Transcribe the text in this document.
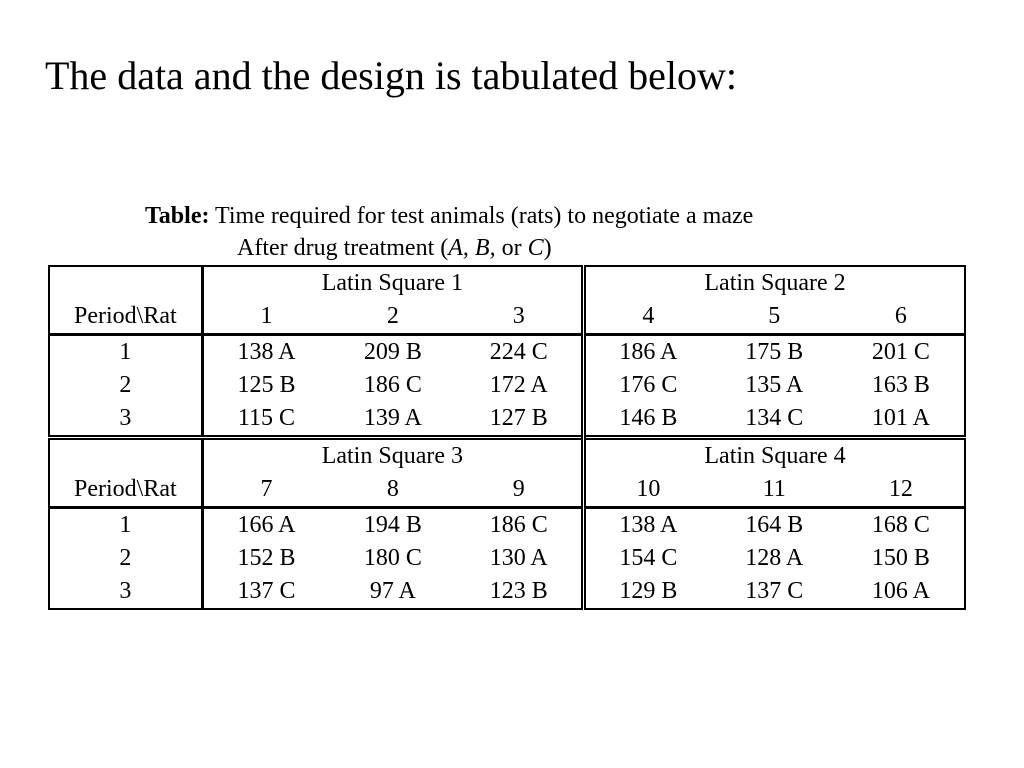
The data and the design is tabulated below:
Table: Time required for test animals (rats) to negotiate a maze
After drug treatment (A, B, or C)
	Latin Square 1			Latin Square 2		
Period\Rat	1	2	3	4	5	6
1	138 A	209 B	224 C	186 A	175 B	201 C
2	125 B	186 C	172 A	176 C	135 A	163 B
3	115 C	139 A	127 B	146 B	134 C	101 A
	Latin Square 3			Latin Square 4		
Period\Rat	7	8	9	10	11	12
1	166 A	194 B	186 C	138 A	164 B	168 C
2	152 B	180 C	130 A	154 C	128 A	150 B
3	137 C	97 A	123 B	129 B	137 C	106 A
